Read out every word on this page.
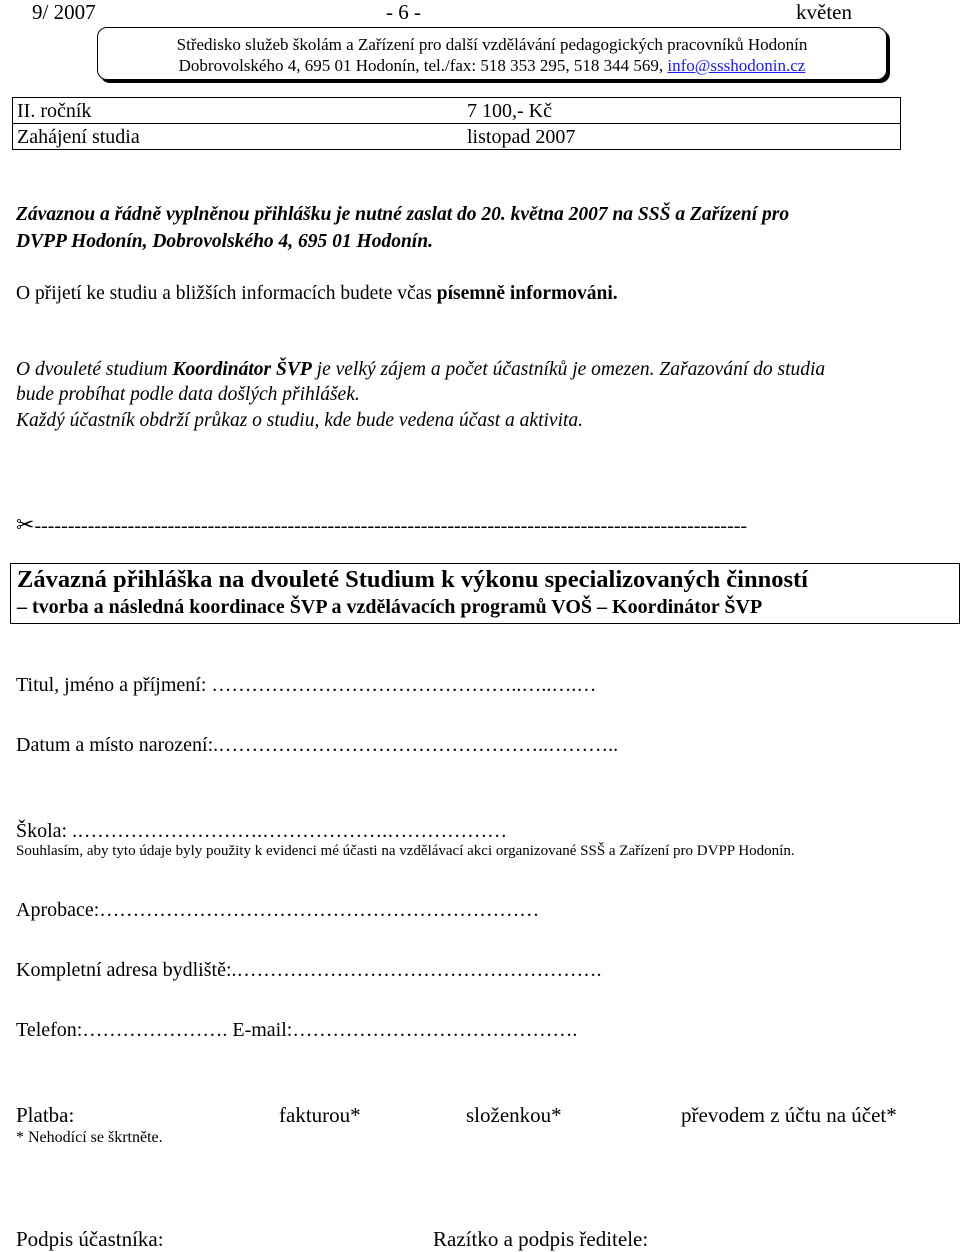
9/ 2007	- 6 -	květen
Středisko služeb školám a Zařízení pro další vzdělávání pedagogických pracovníků Hodonín
Dobrovolského 4, 695 01 Hodonín, tel./fax: 518 353 295, 518 344 569, info@ssshodonin.cz
II. ročník	7 100,- Kč
Zahájení studia	listopad 2007
Závaznou a řádně vyplněnou přihlášku je nutné zaslat do 20. května 2007 na SSŠ a Zařízení pro
DVPP Hodonín, Dobrovolského 4, 695 01 Hodonín.
O přijetí ke studiu a bližších informacích budete včas písemně informováni.
O dvouleté studium Koordinátor ŠVP je velký zájem a počet účastníků je omezen. Zařazování do studia
bude probíhat podle data došlých přihlášek.
Každý účastník obdrží průkaz o studiu, kde bude vedena účast a aktivita.
✂-----------------------------------------------------------------------------------------------------------
Závazná přihláška na dvouleté Studium k výkonu specializovaných činností
– tvorba a následná koordinace ŠVP a vzdělávacích programů VOŠ – Koordinátor ŠVP
Titul, jméno a příjmení: ………………………………………..…..….…
Datum a místo narození:.…………………………………………..………..
Škola: .……………………….……………….………………
Souhlasím, aby tyto údaje byly použity k evidenci mé účasti na vzdělávací akci organizované SSŠ a Zařízení pro DVPP Hodonín.
Aprobace:…………………………………………………………
Kompletní adresa bydliště:.……………………………………………….
Telefon:…………………. E-mail:…………………………………….
Platba:	fakturou*	složenkou*	převodem z účtu na účet*
* Nehodící se škrtněte.
Podpis účastníka:	Razítko a podpis ředitele:
